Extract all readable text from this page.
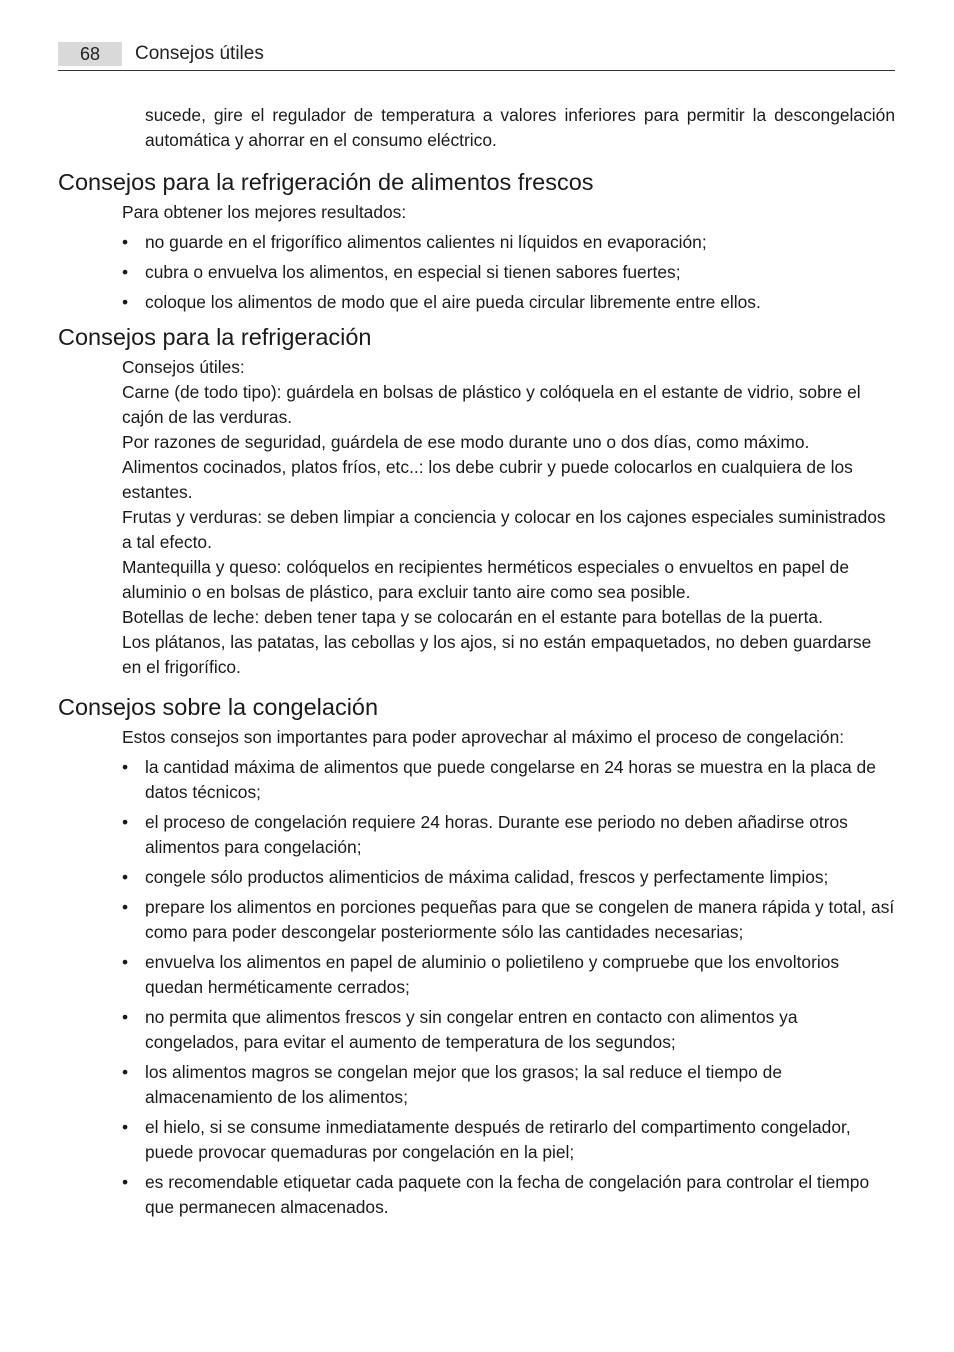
68	Consejos útiles

sucede, gire el regulador de temperatura a valores inferiores para permitir la descongelación automática y ahorrar en el consumo eléctrico.

Consejos para la refrigeración de alimentos frescos

Para obtener los mejores resultados:

• no guarde en el frigorífico alimentos calientes ni líquidos en evaporación;
• cubra o envuelva los alimentos, en especial si tienen sabores fuertes;
• coloque los alimentos de modo que el aire pueda circular libremente entre ellos.
Consejos para la refrigeración

Consejos útiles:

Carne (de todo tipo): guárdela en bolsas de plástico y colóquela en el estante de vidrio, sobre el cajón de las verduras.

Por razones de seguridad, guárdela de ese modo durante uno o dos días, como máximo.

Alimentos cocinados, platos fríos, etc..: los debe cubrir y puede colocarlos en cualquiera de los estantes.

Frutas y verduras: se deben limpiar a conciencia y colocar en los cajones especiales suministrados a tal efecto.

Mantequilla y queso: colóquelos en recipientes herméticos especiales o envueltos en papel de aluminio o en bolsas de plástico, para excluir tanto aire como sea posible.

Botellas de leche: deben tener tapa y se colocarán en el estante para botellas de la puerta.

Los plátanos, las patatas, las cebollas y los ajos, si no están empaquetados, no deben guardarse en el frigorífico.

Consejos sobre la congelación

Estos consejos son importantes para poder aprovechar al máximo el proceso de congelación:

• la cantidad máxima de alimentos que puede congelarse en 24 horas se muestra en la placa de datos técnicos;
• el proceso de congelación requiere 24 horas. Durante ese periodo no deben añadirse otros alimentos para congelación;
• congele sólo productos alimenticios de máxima calidad, frescos y perfectamente limpios;
• prepare los alimentos en porciones pequeñas para que se congelen de manera rápida y total, así como para poder descongelar posteriormente sólo las cantidades necesarias;
• envuelva los alimentos en papel de aluminio o polietileno y compruebe que los envoltorios quedan herméticamente cerrados;
• no permita que alimentos frescos y sin congelar entren en contacto con alimentos ya congelados, para evitar el aumento de temperatura de los segundos;
• los alimentos magros se congelan mejor que los grasos; la sal reduce el tiempo de almacenamiento de los alimentos;
• el hielo, si se consume inmediatamente después de retirarlo del compartimento congelador, puede provocar quemaduras por congelación en la piel;
• es recomendable etiquetar cada paquete con la fecha de congelación para controlar el tiempo que permanecen almacenados.
